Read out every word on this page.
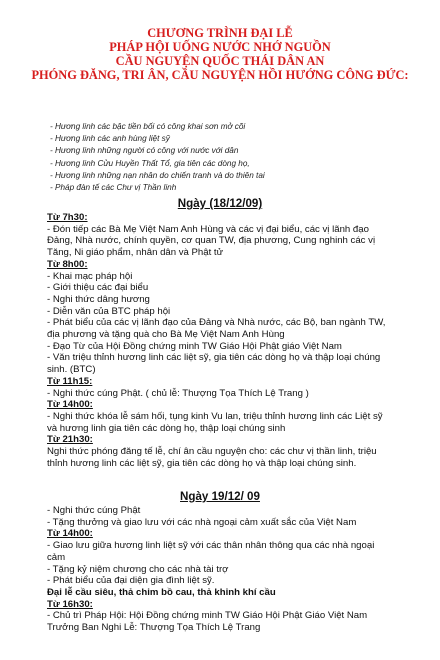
CHƯƠNG TRÌNH ĐẠI LỄ
PHÁP HỘI UỐNG NƯỚC NHỚ NGUỒN
CẦU NGUYỆN QUỐC THÁI DÂN AN
PHÓNG ĐĂNG, TRI ÂN, CẦU NGUYỆN HỒI HƯỚNG CÔNG ĐỨC:
- Hương linh các bậc tiền bối có công khai sơn mở cõi
- Hương linh các anh hùng liệt sỹ
- Hương linh những người có công với nước với dân
- Hương linh Cửu Huyền Thất Tổ, gia tiên các dòng họ,
- Hương linh những nạn nhân do chiến tranh và do thiên tai
- Pháp đàn tế các Chư vị Thần linh
Ngày (18/12/09)

Từ 7h30:

- Đón tiếp các Bà Mẹ Việt Nam Anh Hùng và các vị đại biểu, các vị lãnh đạo

Đảng, Nhà nước, chính quyền, cơ quan TW, địa phương, Cung nghinh các vị

Tăng, Ni giáo phẩm, nhân dân và Phật tử

Từ 8h00:

- Khai mạc pháp hội

- Giới thiệu các đại biểu

- Nghi thức dâng hương

- Diễn văn của BTC pháp hội

- Phát biểu của các vị lãnh đạo của Đảng và Nhà nước, các Bộ, ban ngành TW,

địa phương và tặng quà cho Bà Mẹ Việt Nam Anh Hùng

- Đạo Từ của Hội Đồng chứng minh TW Giáo Hội Phật giáo Việt Nam

- Văn triệu thỉnh hương linh các liệt sỹ, gia tiên các dòng họ và thập loại chúng

sinh. (BTC)

Từ 11h15:

- Nghi thức cúng Phật. ( chủ lễ: Thượng Tọa Thích Lệ Trang )

Từ 14h00:

- Nghi thức khóa lễ sám hối, tụng kinh Vu lan, triệu thỉnh hương linh các Liệt sỹ

và hương linh gia tiên các dòng họ, thập loại chúng sinh

Từ 21h30:

Nghi thức phóng đăng tế lễ, chí ân cầu nguyện cho: các chư vị thần linh, triệu

thỉnh hương linh các liệt sỹ, gia tiên các dòng họ và thập loại chúng sinh.

Ngày 19/12/ 09

- Nghi thức cúng Phật

- Tặng thưởng và giao lưu với các nhà ngoại cảm xuất sắc của Việt Nam

Từ 14h00:

- Giao lưu giữa hương linh liệt sỹ với các thân nhân thông qua các nhà ngoại

cảm

- Tặng kỷ niệm chương cho các nhà tài trợ

- Phát biểu của đại diện gia đình liệt sỹ.

Đại lễ cầu siêu, thả chim bồ cau, thả khinh khí cầu

Từ 16h30:

- Chủ trì Pháp Hội: Hội Đồng chứng minh TW Giáo Hội Phật Giáo Việt Nam

Trưởng Ban Nghi Lễ: Thượng Tọa Thích Lệ Trang
